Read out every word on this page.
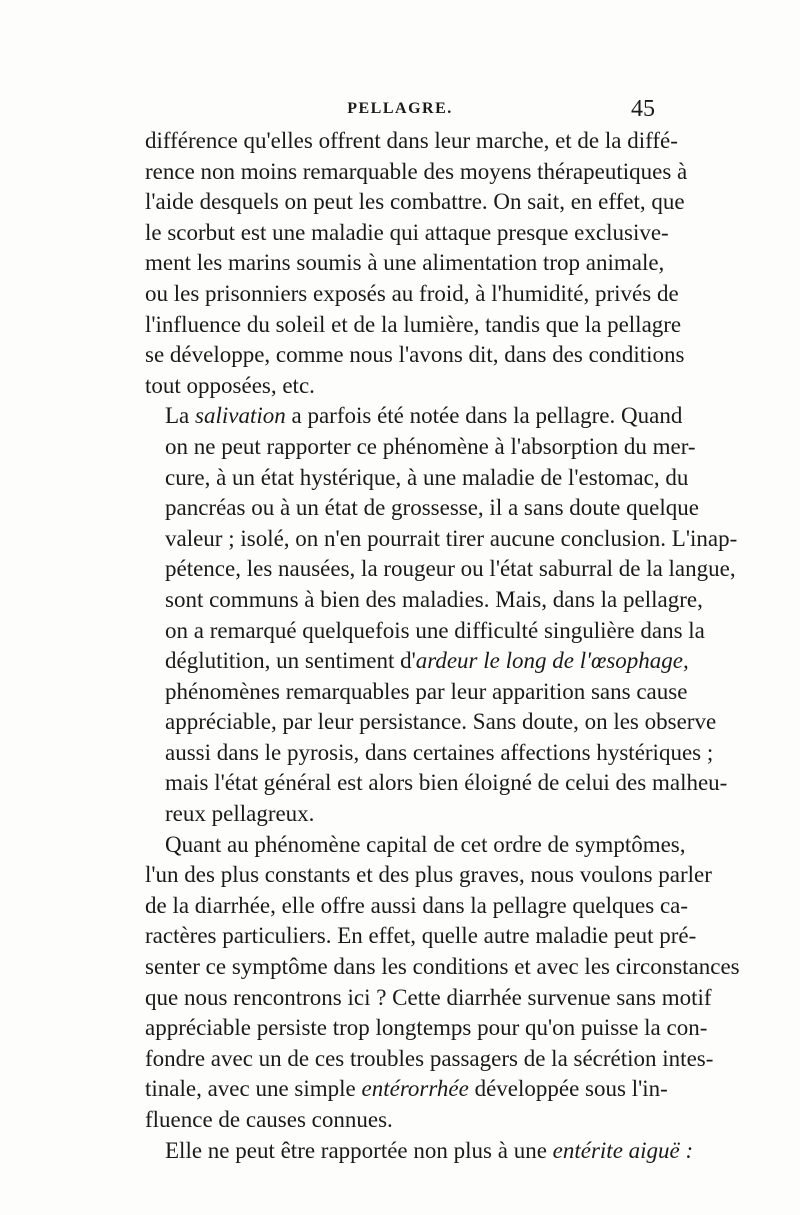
PELLAGRE.	45

différence qu'elles offrent dans leur marche, et de la diffé-
rence non moins remarquable des moyens thérapeutiques à
l'aide desquels on peut les combattre. On sait, en effet, que
le scorbut est une maladie qui attaque presque exclusive-
ment les marins soumis à une alimentation trop animale,
ou les prisonniers exposés au froid, à l'humidité, privés de
l'influence du soleil et de la lumière, tandis que la pellagre
se développe, comme nous l'avons dit, dans des conditions
tout opposées, etc.

La salivation a parfois été notée dans la pellagre. Quand
on ne peut rapporter ce phénomène à l'absorption du mer-
cure, à un état hystérique, à une maladie de l'estomac, du
pancréas ou à un état de grossesse, il a sans doute quelque
valeur ; isolé, on n'en pourrait tirer aucune conclusion. L'inap-
pétence, les nausées, la rougeur ou l'état saburral de la langue,
sont communs à bien des maladies. Mais, dans la pellagre,
on a remarqué quelquefois une difficulté singulière dans la
déglutition, un sentiment d'ardeur le long de l'œsophage,
phénomènes remarquables par leur apparition sans cause
appréciable, par leur persistance. Sans doute, on les observe
aussi dans le pyrosis, dans certaines affections hystériques ;
mais l'état général est alors bien éloigné de celui des malheu-
reux pellagreux.

Quant au phénomène capital de cet ordre de symptômes,
l'un des plus constants et des plus graves, nous voulons parler
de la diarrhée, elle offre aussi dans la pellagre quelques ca-
ractères particuliers. En effet, quelle autre maladie peut pré-
senter ce symptôme dans les conditions et avec les circonstances
que nous rencontrons ici ? Cette diarrhée survenue sans motif
appréciable persiste trop longtemps pour qu'on puisse la con-
fondre avec un de ces troubles passagers de la sécrétion intes-
tinale, avec une simple entérorrhée développée sous l'in-
fluence de causes connues.

Elle ne peut être rapportée non plus à une entérite aiguë :
